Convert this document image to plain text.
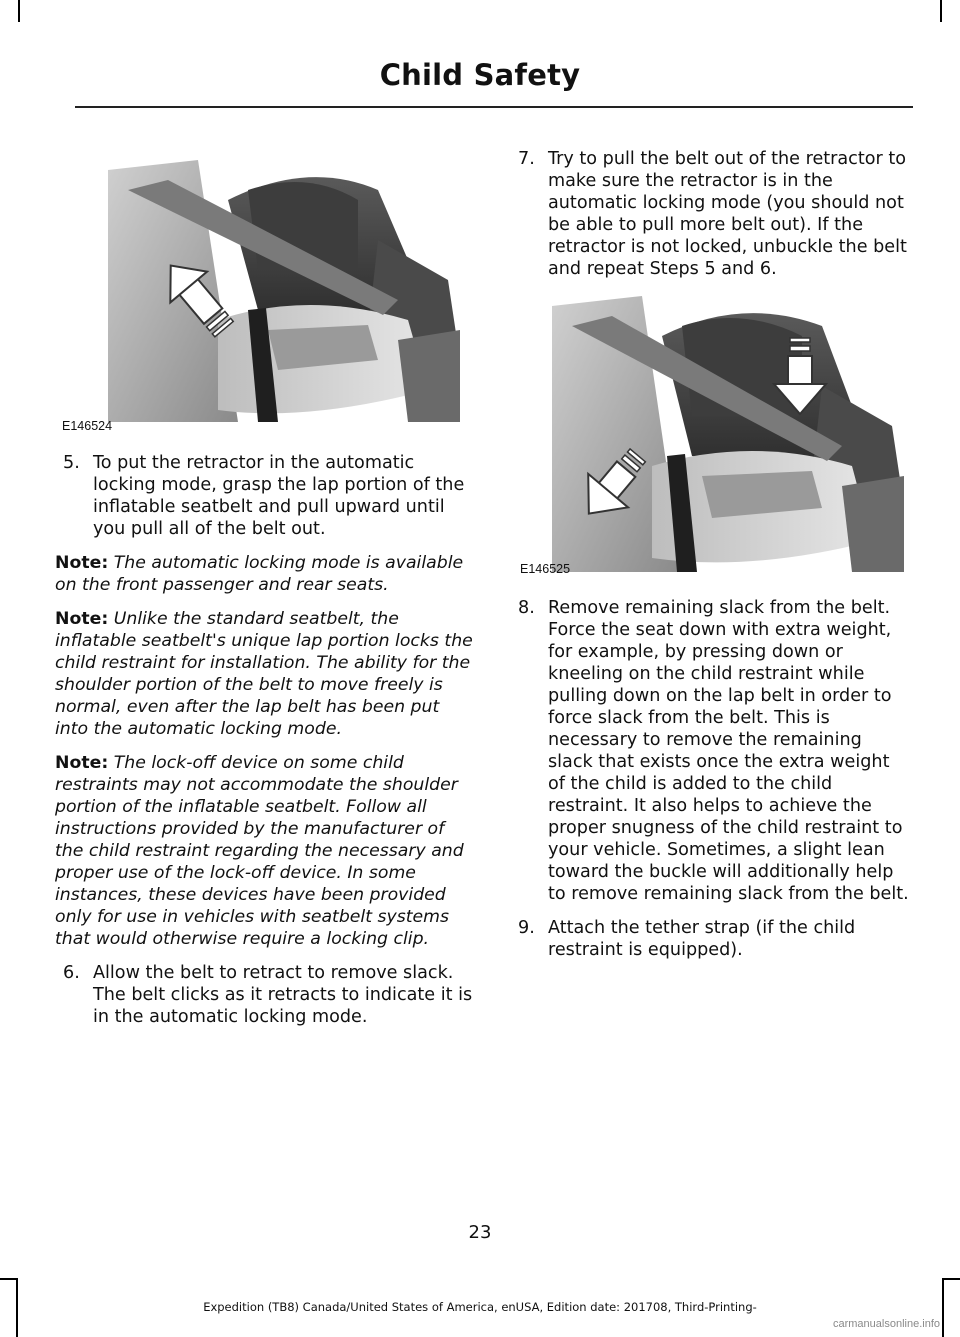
Child Safety
E146524
5. To put the retractor in the automatic locking mode, grasp the lap portion of the inflatable seatbelt and pull upward until you pull all of the belt out.
Note: The automatic locking mode is available on the front passenger and rear seats.
Note: Unlike the standard seatbelt, the inflatable seatbelt's unique lap portion locks the child restraint for installation. The ability for the shoulder portion of the belt to move freely is normal, even after the lap belt has been put into the automatic locking mode.
Note: The lock-off device on some child restraints may not accommodate the shoulder portion of the inflatable seatbelt. Follow all instructions provided by the manufacturer of the child restraint regarding the necessary and proper use of the lock-off device. In some instances, these devices have been provided only for use in vehicles with seatbelt systems that would otherwise require a locking clip.
6. Allow the belt to retract to remove slack. The belt clicks as it retracts to indicate it is in the automatic locking mode.
7. Try to pull the belt out of the retractor to make sure the retractor is in the automatic locking mode (you should not be able to pull more belt out). If the retractor is not locked, unbuckle the belt and repeat Steps 5 and 6.
E146525
8. Remove remaining slack from the belt. Force the seat down with extra weight, for example, by pressing down or kneeling on the child restraint while pulling down on the lap belt in order to force slack from the belt. This is necessary to remove the remaining slack that exists once the extra weight of the child is added to the child restraint. It also helps to achieve the proper snugness of the child restraint to your vehicle. Sometimes, a slight lean toward the buckle will additionally help to remove remaining slack from the belt.
9. Attach the tether strap (if the child restraint is equipped).
23
Expedition (TB8) Canada/United States of America, enUSA, Edition date: 201708, Third-Printing-
carmanualsonline.info
